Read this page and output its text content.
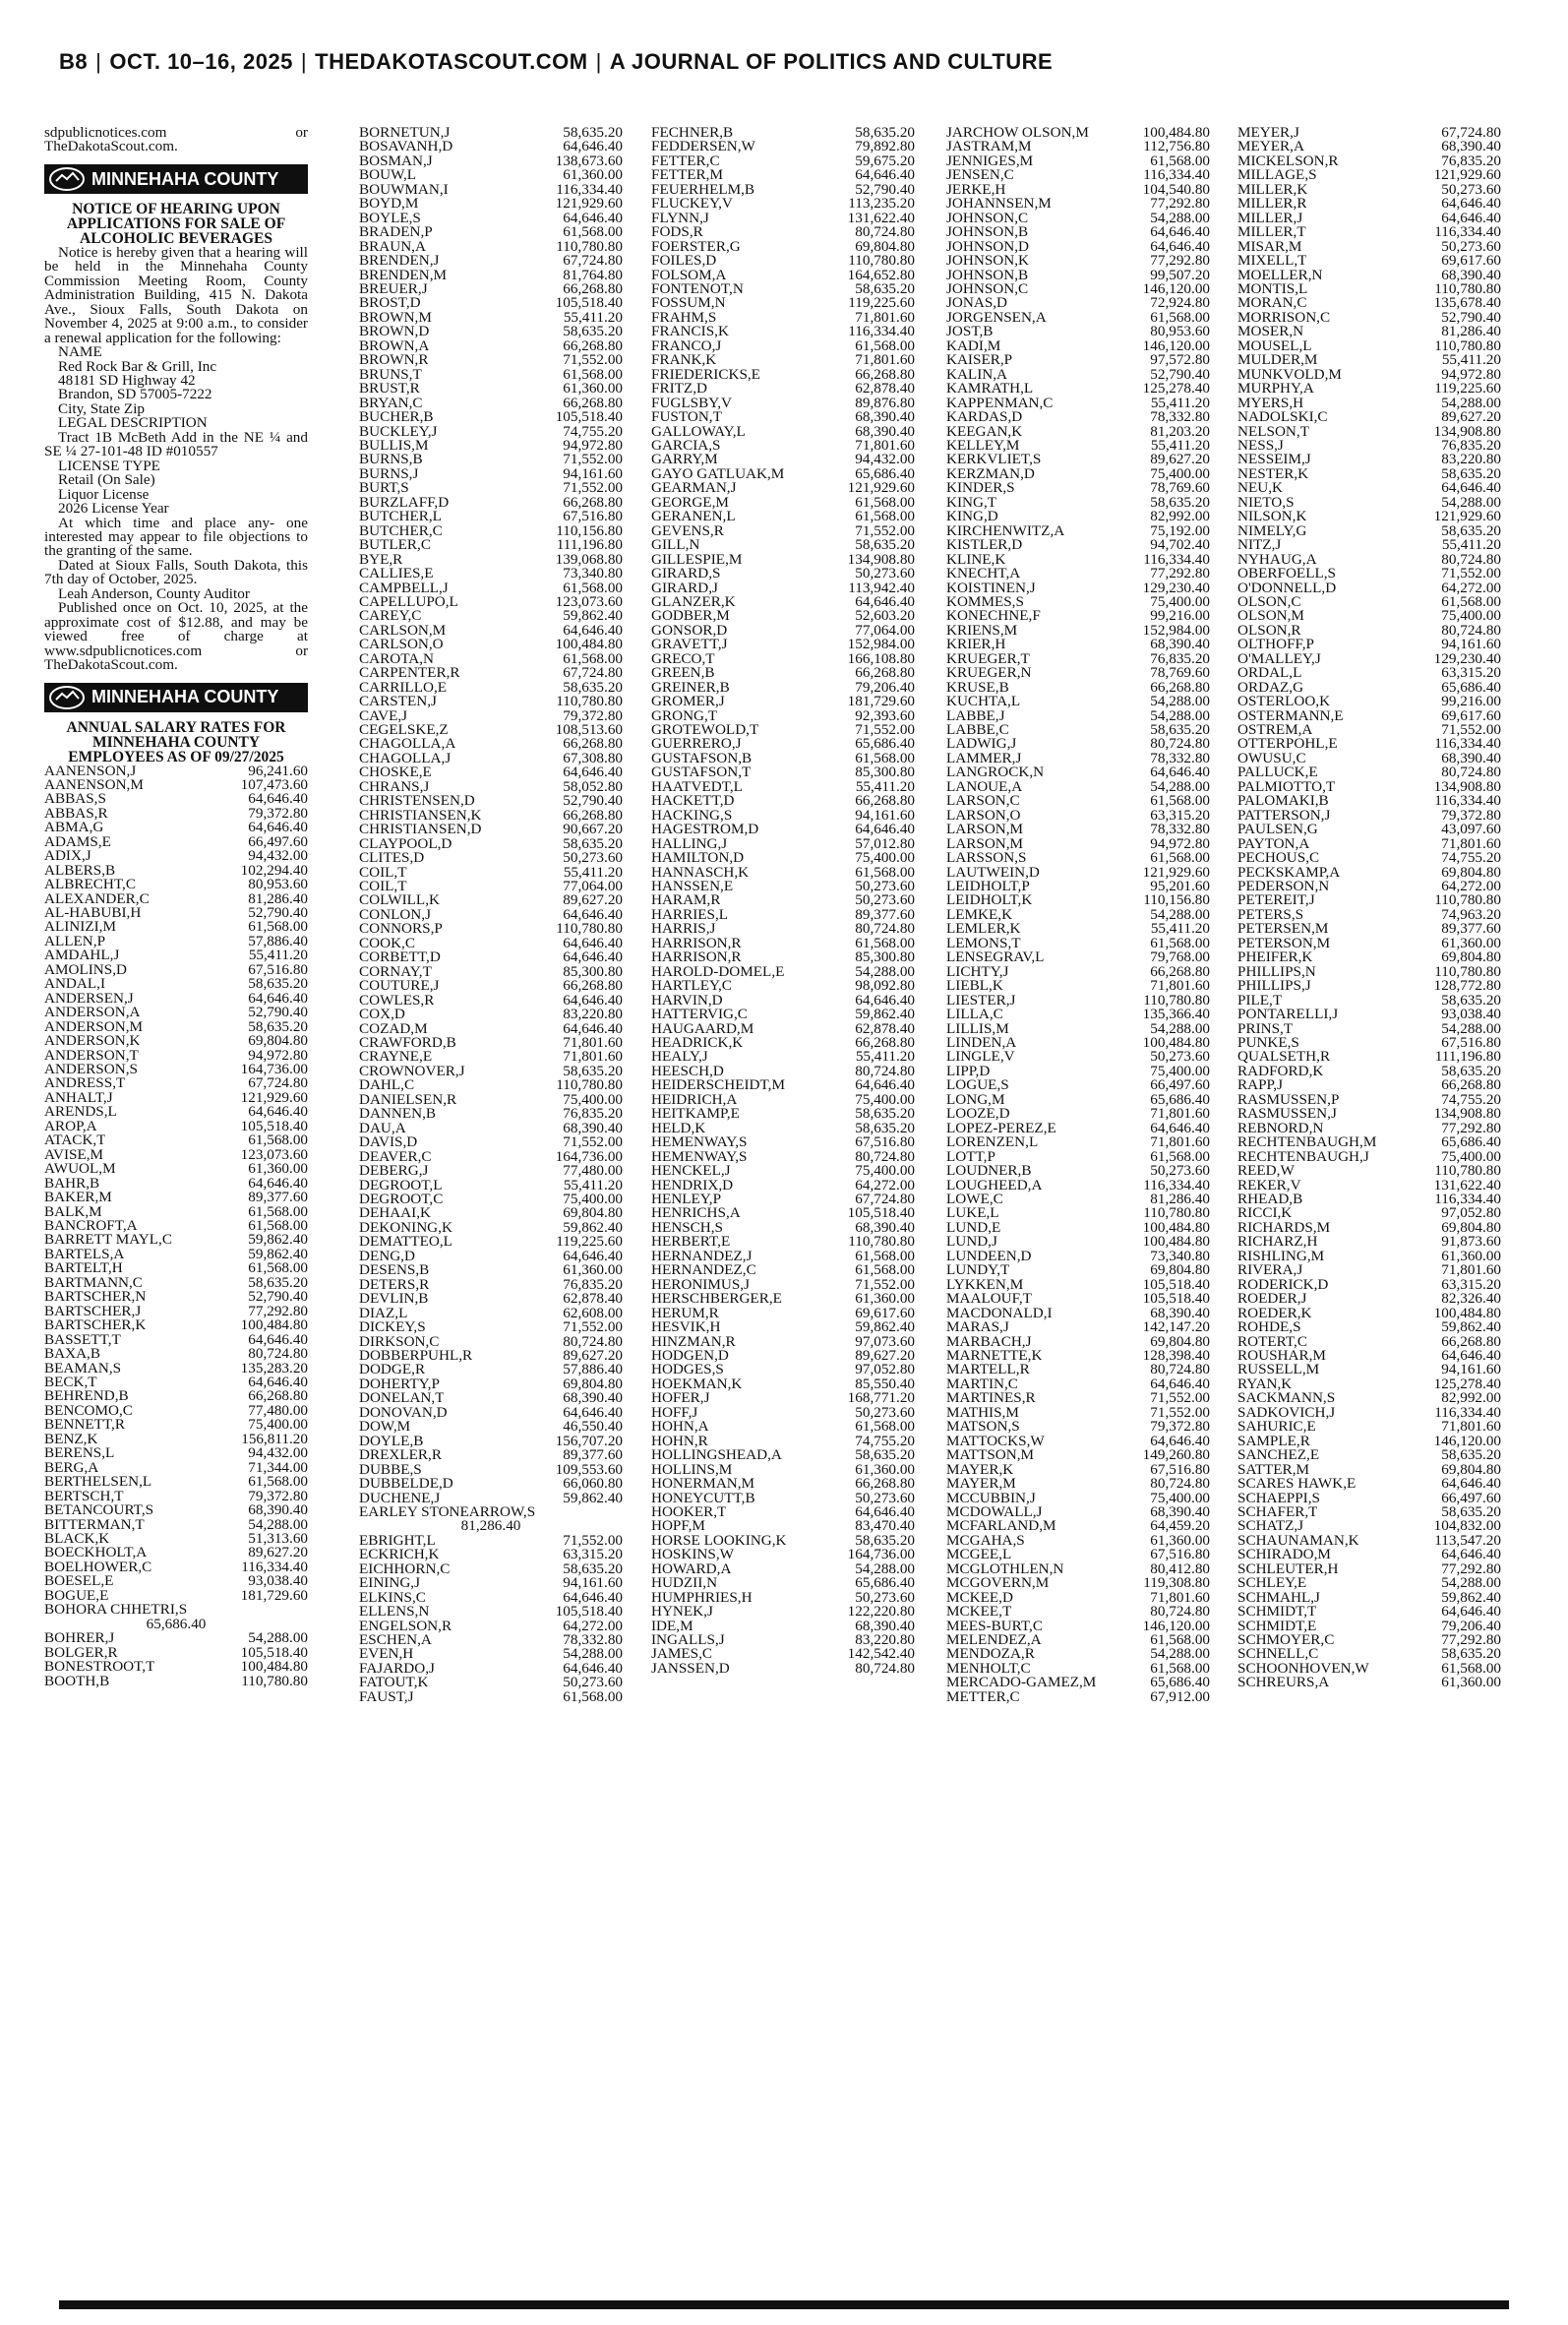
B8 | OCT. 10–16, 2025 | THEDAKOTASCOUT.COM | A JOURNAL OF POLITICS AND CULTURE

sdpublicnotices.com or TheDakotaScout.com.

MINNEHAHA COUNTY
NOTICE OF HEARING UPON APPLICATIONS FOR SALE OF ALCOHOLIC BEVERAGES

Notice is hereby given that a hearing will be held in the Minnehaha County Commission Meeting Room, County Administration Building, 415 N. Dakota Ave., Sioux Falls, South Dakota on November 4, 2025 at 9:00 a.m., to consider a renewal application for the following:

NAME
Red Rock Bar & Grill, Inc
48181 SD Highway 42
Brandon, SD 57005-7222
City, State Zip
LEGAL DESCRIPTION

Tract 1B McBeth Add in the NE ¼ and SE ¼ 27-101-48 ID #010557

LICENSE TYPE
Retail (On Sale)
Liquor License
2026 License Year

At which time and place any- one interested may appear to file objections to the granting of the same.

Dated at Sioux Falls, South Dakota, this 7th day of October, 2025.

Leah Anderson, County Auditor

Published once on Oct. 10, 2025, at the approximate cost of $12.88, and may be viewed free of charge at www.sdpublicnotices.com or TheDakotaScout.com.

MINNEHAHA COUNTY
ANNUAL SALARY RATES FOR MINNEHAHA COUNTY EMPLOYEES AS OF 09/27/2025
AANENSON,J	96,241.60
AANENSON,M	107,473.60
ABBAS,S	64,646.40
ABBAS,R	79,372.80
ABMA,G	64,646.40
ADAMS,E	66,497.60
ADIX,J	94,432.00
ALBERS,B	102,294.40
ALBRECHT,C	80,953.60
ALEXANDER,C	81,286.40
AL-HABUBI,H	52,790.40
ALINIZI,M	61,568.00
ALLEN,P	57,886.40
AMDAHL,J	55,411.20
AMOLINS,D	67,516.80
ANDAL,I	58,635.20
ANDERSEN,J	64,646.40
ANDERSON,A	52,790.40
ANDERSON,M	58,635.20
ANDERSON,K	69,804.80
ANDERSON,T	94,972.80
ANDERSON,S	164,736.00
ANDRESS,T	67,724.80
ANHALT,J	121,929.60
ARENDS,L	64,646.40
AROP,A	105,518.40
ATACK,T	61,568.00
AVISE,M	123,073.60
AWUOL,M	61,360.00
BAHR,B	64,646.40
BAKER,M	89,377.60
BALK,M	61,568.00
BANCROFT,A	61,568.00
BARRETT MAYL,C	59,862.40
BARTELS,A	59,862.40
BARTELT,H	61,568.00
BARTMANN,C	58,635.20
BARTSCHER,N	52,790.40
BARTSCHER,J	77,292.80
BARTSCHER,K	100,484.80
BASSETT,T	64,646.40
BAXA,B	80,724.80
BEAMAN,S	135,283.20
BECK,T	64,646.40
BEHREND,B	66,268.80
BENCOMO,C	77,480.00
BENNETT,R	75,400.00
BENZ,K	156,811.20
BERENS,L	94,432.00
BERG,A	71,344.00
BERTHELSEN,L	61,568.00
BERTSCH,T	79,372.80
BETANCOURT,S	68,390.40
BITTERMAN,T	54,288.00
BLACK,K	51,313.60
BOECKHOLT,A	89,627.20
BOELHOWER,C	116,334.40
BOESEL,E	93,038.40
BOGUE,E	181,729.60
BOHORA CHHETRI,S
65,686.40
BOHRER,J	54,288.00
BOLGER,R	105,518.40
BONESTROOT,T	100,484.80
BOOTH,B	110,780.80
BORNETUN,J	58,635.20
BOSAVANH,D	64,646.40
BOSMAN,J	138,673.60
BOUW,L	61,360.00
BOUWMAN,I	116,334.40
BOYD,M	121,929.60
BOYLE,S	64,646.40
BRADEN,P	61,568.00
BRAUN,A	110,780.80
BRENDEN,J	67,724.80
BRENDEN,M	81,764.80
BREUER,J	66,268.80
BROST,D	105,518.40
BROWN,M	55,411.20
BROWN,D	58,635.20
BROWN,A	66,268.80
BROWN,R	71,552.00
BRUNS,T	61,568.00
BRUST,R	61,360.00
BRYAN,C	66,268.80
BUCHER,B	105,518.40
BUCKLEY,J	74,755.20
BULLIS,M	94,972.80
BURNS,B	71,552.00
BURNS,J	94,161.60
BURT,S	71,552.00
BURZLAFF,D	66,268.80
BUTCHER,L	67,516.80
BUTCHER,C	110,156.80
BUTLER,C	111,196.80
BYE,R	139,068.80
CALLIES,E	73,340.80
CAMPBELL,J	61,568.00
CAPELLUPO,L	123,073.60
CAREY,C	59,862.40
CARLSON,M	64,646.40
CARLSON,O	100,484.80
CAROTA,N	61,568.00
CARPENTER,R	67,724.80
CARRILLO,E	58,635.20
CARSTEN,J	110,780.80
CAVE,J	79,372.80
CEGELSKE,Z	108,513.60
CHAGOLLA,A	66,268.80
CHAGOLLA,J	67,308.80
CHOSKE,E	64,646.40
CHRANS,J	58,052.80
CHRISTENSEN,D	52,790.40
CHRISTIANSEN,K	66,268.80
CHRISTIANSEN,D	90,667.20
CLAYPOOL,D	58,635.20
CLITES,D	50,273.60
COIL,T	55,411.20
COIL,T	77,064.00
COLWILL,K	89,627.20
CONLON,J	64,646.40
CONNORS,P	110,780.80
COOK,C	64,646.40
CORBETT,D	64,646.40
CORNAY,T	85,300.80
COUTURE,J	66,268.80
COWLES,R	64,646.40
COX,D	83,220.80
COZAD,M	64,646.40
CRAWFORD,B	71,801.60
CRAYNE,E	71,801.60
CROWNOVER,J	58,635.20
DAHL,C	110,780.80
DANIELSEN,R	75,400.00
DANNEN,B	76,835.20
DAU,A	68,390.40
DAVIS,D	71,552.00
DEAVER,C	164,736.00
DEBERG,J	77,480.00
DEGROOT,L	55,411.20
DEGROOT,C	75,400.00
DEHAAI,K	69,804.80
DEKONING,K	59,862.40
DEMATTEO,L	119,225.60
DENG,D	64,646.40
DESENS,B	61,360.00
DETERS,R	76,835.20
DEVLIN,B	62,878.40
DIAZ,L	62,608.00
DICKEY,S	71,552.00
DIRKSON,C	80,724.80
DOBBERPUHL,R	89,627.20
DODGE,R	57,886.40
DOHERTY,P	69,804.80
DONELAN,T	68,390.40
DONOVAN,D	64,646.40
DOW,M	46,550.40
DOYLE,B	156,707.20
DREXLER,R	89,377.60
DUBBE,S	109,553.60
DUBBELDE,D	66,060.80
DUCHENE,J	59,862.40
EARLEY STONEARROW,S
81,286.40
EBRIGHT,L	71,552.00
ECKRICH,K	63,315.20
EICHHORN,C	58,635.20
EINING,J	94,161.60
ELKINS,C	64,646.40
ELLENS,N	105,518.40
ENGELSON,R	64,272.00
ESCHEN,A	78,332.80
EVEN,H	54,288.00
FAJARDO,J	64,646.40
FATOUT,K	50,273.60
FAUST,J	61,568.00
FECHNER,B	58,635.20
FEDDERSEN,W	79,892.80
FETTER,C	59,675.20
FETTER,M	64,646.40
FEUERHELM,B	52,790.40
FLUCKEY,V	113,235.20
FLYNN,J	131,622.40
FODS,R	80,724.80
FOERSTER,G	69,804.80
FOILES,D	110,780.80
FOLSOM,A	164,652.80
FONTENOT,N	58,635.20
FOSSUM,N	119,225.60
FRAHM,S	71,801.60
FRANCIS,K	116,334.40
FRANCO,J	61,568.00
FRANK,K	71,801.60
FRIEDERICKS,E	66,268.80
FRITZ,D	62,878.40
FUGLSBY,V	89,876.80
FUSTON,T	68,390.40
GALLOWAY,L	68,390.40
GARCIA,S	71,801.60
GARRY,M	94,432.00
GAYO GATLUAK,M	65,686.40
GEARMAN,J	121,929.60
GEORGE,M	61,568.00
GERANEN,L	61,568.00
GEVENS,R	71,552.00
GILL,N	58,635.20
GILLESPIE,M	134,908.80
GIRARD,S	50,273.60
GIRARD,J	113,942.40
GLANZER,K	64,646.40
GODBER,M	52,603.20
GONSOR,D	77,064.00
GRAVETT,J	152,984.00
GRECO,T	166,108.80
GREEN,B	66,268.80
GREINER,B	79,206.40
GROMER,J	181,729.60
GRONG,T	92,393.60
GROTEWOLD,T	71,552.00
GUERRERO,J	65,686.40
GUSTAFSON,B	61,568.00
GUSTAFSON,T	85,300.80
HAATVEDT,L	55,411.20
HACKETT,D	66,268.80
HACKING,S	94,161.60
HAGESTROM,D	64,646.40
HALLING,J	57,012.80
HAMILTON,D	75,400.00
HANNASCH,K	61,568.00
HANSSEN,E	50,273.60
HARAM,R	50,273.60
HARRIES,L	89,377.60
HARRIS,J	80,724.80
HARRISON,R	61,568.00
HARRISON,R	85,300.80
HAROLD-DOMEL,E	54,288.00
HARTLEY,C	98,092.80
HARVIN,D	64,646.40
HATTERVIG,C	59,862.40
HAUGAARD,M	62,878.40
HEADRICK,K	66,268.80
HEALY,J	55,411.20
HEESCH,D	80,724.80
HEIDERSCHEIDT,M	64,646.40
HEIDRICH,A	75,400.00
HEITKAMP,E	58,635.20
HELD,K	58,635.20
HEMENWAY,S	67,516.80
HEMENWAY,S	80,724.80
HENCKEL,J	75,400.00
HENDRIX,D	64,272.00
HENLEY,P	67,724.80
HENRICHS,A	105,518.40
HENSCH,S	68,390.40
HERBERT,E	110,780.80
HERNANDEZ,J	61,568.00
HERNANDEZ,C	61,568.00
HERONIMUS,J	71,552.00
HERSCHBERGER,E	61,360.00
HERUM,R	69,617.60
HESVIK,H	59,862.40
HINZMAN,R	97,073.60
HODGEN,D	89,627.20
HODGES,S	97,052.80
HOEKMAN,K	85,550.40
HOFER,J	168,771.20
HOFF,J	50,273.60
HOHN,A	61,568.00
HOHN,R	74,755.20
HOLLINGSHEAD,A	58,635.20
HOLLINS,M	61,360.00
HONERMAN,M	66,268.80
HONEYCUTT,B	50,273.60
HOOKER,T	64,646.40
HOPF,M	83,470.40
HORSE LOOKING,K	58,635.20
HOSKINS,W	164,736.00
HOWARD,A	54,288.00
HUDZII,N	65,686.40
HUMPHRIES,H	50,273.60
HYNEK,J	122,220.80
IDE,M	68,390.40
INGALLS,J	83,220.80
JAMES,C	142,542.40
JANSSEN,D	80,724.80
JARCHOW OLSON,M	100,484.80
JASTRAM,M	112,756.80
JENNIGES,M	61,568.00
JENSEN,C	116,334.40
JERKE,H	104,540.80
JOHANNSEN,M	77,292.80
JOHNSON,C	54,288.00
JOHNSON,B	64,646.40
JOHNSON,D	64,646.40
JOHNSON,K	77,292.80
JOHNSON,B	99,507.20
JOHNSON,C	146,120.00
JONAS,D	72,924.80
JORGENSEN,A	61,568.00
JOST,B	80,953.60
KADI,M	146,120.00
KAISER,P	97,572.80
KALIN,A	52,790.40
KAMRATH,L	125,278.40
KAPPENMAN,C	55,411.20
KARDAS,D	78,332.80
KEEGAN,K	81,203.20
KELLEY,M	55,411.20
KERKVLIET,S	89,627.20
KERZMAN,D	75,400.00
KINDER,S	78,769.60
KING,T	58,635.20
KING,D	82,992.00
KIRCHENWITZ,A	75,192.00
KISTLER,D	94,702.40
KLINE,K	116,334.40
KNECHT,A	77,292.80
KOISTINEN,J	129,230.40
KOMMES,S	75,400.00
KONECHNE,F	99,216.00
KRIENS,M	152,984.00
KRIER,H	68,390.40
KRUEGER,T	76,835.20
KRUEGER,N	78,769.60
KRUSE,B	66,268.80
KUCHTA,L	54,288.00
LABBE,J	54,288.00
LABBE,C	58,635.20
LADWIG,J	80,724.80
LAMMER,J	78,332.80
LANGROCK,N	64,646.40
LANOUE,A	54,288.00
LARSON,C	61,568.00
LARSON,O	63,315.20
LARSON,M	78,332.80
LARSON,M	94,972.80
LARSSON,S	61,568.00
LAUTWEIN,D	121,929.60
LEIDHOLT,P	95,201.60
LEIDHOLT,K	110,156.80
LEMKE,K	54,288.00
LEMLER,K	55,411.20
LEMONS,T	61,568.00
LENSEGRAV,L	79,768.00
LICHTY,J	66,268.80
LIEBL,K	71,801.60
LIESTER,J	110,780.80
LILLA,C	135,366.40
LILLIS,M	54,288.00
LINDEN,A	100,484.80
LINGLE,V	50,273.60
LIPP,D	75,400.00
LOGUE,S	66,497.60
LONG,M	65,686.40
LOOZE,D	71,801.60
LOPEZ-PEREZ,E	64,646.40
LORENZEN,L	71,801.60
LOTT,P	61,568.00
LOUDNER,B	50,273.60
LOUGHEED,A	116,334.40
LOWE,C	81,286.40
LUKE,L	110,780.80
LUND,E	100,484.80
LUND,J	100,484.80
LUNDEEN,D	73,340.80
LUNDY,T	69,804.80
LYKKEN,M	105,518.40
MAALOUF,T	105,518.40
MACDONALD,I	68,390.40
MARAS,J	142,147.20
MARBACH,J	69,804.80
MARNETTE,K	128,398.40
MARTELL,R	80,724.80
MARTIN,C	64,646.40
MARTINES,R	71,552.00
MATHIS,M	71,552.00
MATSON,S	79,372.80
MATTOCKS,W	64,646.40
MATTSON,M	149,260.80
MAYER,K	67,516.80
MAYER,M	80,724.80
MCCUBBIN,J	75,400.00
MCDOWALL,J	68,390.40
MCFARLAND,M	64,459.20
MCGAHA,S	61,360.00
MCGEE,L	67,516.80
MCGLOTHLEN,N	80,412.80
MCGOVERN,M	119,308.80
MCKEE,D	71,801.60
MCKEE,T	80,724.80
MEES-BURT,C	146,120.00
MELENDEZ,A	61,568.00
MENDOZA,R	54,288.00
MENHOLT,C	61,568.00
MERCADO-GAMEZ,M	65,686.40
METTER,C	67,912.00
MEYER,J	67,724.80
MEYER,A	68,390.40
MICKELSON,R	76,835.20
MILLAGE,S	121,929.60
MILLER,K	50,273.60
MILLER,R	64,646.40
MILLER,J	64,646.40
MILLER,T	116,334.40
MISAR,M	50,273.60
MIXELL,T	69,617.60
MOELLER,N	68,390.40
MONTIS,L	110,780.80
MORAN,C	135,678.40
MORRISON,C	52,790.40
MOSER,N	81,286.40
MOUSEL,L	110,780.80
MULDER,M	55,411.20
MUNKVOLD,M	94,972.80
MURPHY,A	119,225.60
MYERS,H	54,288.00
NADOLSKI,C	89,627.20
NELSON,T	134,908.80
NESS,J	76,835.20
NESSEIM,J	83,220.80
NESTER,K	58,635.20
NEU,K	64,646.40
NIETO,S	54,288.00
NILSON,K	121,929.60
NIMELY,G	58,635.20
NITZ,J	55,411.20
NYHAUG,A	80,724.80
OBERFOELL,S	71,552.00
O'DONNELL,D	64,272.00
OLSON,C	61,568.00
OLSON,M	75,400.00
OLSON,R	80,724.80
OLTHOFF,P	94,161.60
O'MALLEY,J	129,230.40
ORDAL,L	63,315.20
ORDAZ,G	65,686.40
OSTERLOO,K	99,216.00
OSTERMANN,E	69,617.60
OSTREM,A	71,552.00
OTTERPOHL,E	116,334.40
OWUSU,C	68,390.40
PALLUCK,E	80,724.80
PALMIOTTO,T	134,908.80
PALOMAKI,B	116,334.40
PATTERSON,J	79,372.80
PAULSEN,G	43,097.60
PAYTON,A	71,801.60
PECHOUS,C	74,755.20
PECKSKAMP,A	69,804.80
PEDERSON,N	64,272.00
PETEREIT,J	110,780.80
PETERS,S	74,963.20
PETERSEN,M	89,377.60
PETERSON,M	61,360.00
PHEIFER,K	69,804.80
PHILLIPS,N	110,780.80
PHILLIPS,J	128,772.80
PILE,T	58,635.20
PONTARELLI,J	93,038.40
PRINS,T	54,288.00
PUNKE,S	67,516.80
QUALSETH,R	111,196.80
RADFORD,K	58,635.20
RAPP,J	66,268.80
RASMUSSEN,P	74,755.20
RASMUSSEN,J	134,908.80
REBNORD,N	77,292.80
RECHTENBAUGH,M	65,686.40
RECHTENBAUGH,J	75,400.00
REED,W	110,780.80
REKER,V	131,622.40
RHEAD,B	116,334.40
RICCI,K	97,052.80
RICHARDS,M	69,804.80
RICHARZ,H	91,873.60
RISHLING,M	61,360.00
RIVERA,J	71,801.60
RODERICK,D	63,315.20
ROEDER,J	82,326.40
ROEDER,K	100,484.80
ROHDE,S	59,862.40
ROTERT,C	66,268.80
ROUSHAR,M	64,646.40
RUSSELL,M	94,161.60
RYAN,K	125,278.40
SACKMANN,S	82,992.00
SADKOVICH,J	116,334.40
SAHURIC,E	71,801.60
SAMPLE,R	146,120.00
SANCHEZ,E	58,635.20
SATTER,M	69,804.80
SCARES HAWK,E	64,646.40
SCHAEPPI,S	66,497.60
SCHAFER,T	58,635.20
SCHATZ,J	104,832.00
SCHAUNAMAN,K	113,547.20
SCHIRADO,M	64,646.40
SCHLEUTER,H	77,292.80
SCHLEY,E	54,288.00
SCHMAHL,J	59,862.40
SCHMIDT,T	64,646.40
SCHMIDT,E	79,206.40
SCHMOYER,C	77,292.80
SCHNELL,C	58,635.20
SCHOONHOVEN,W	61,568.00
SCHREURS,A	61,360.00
